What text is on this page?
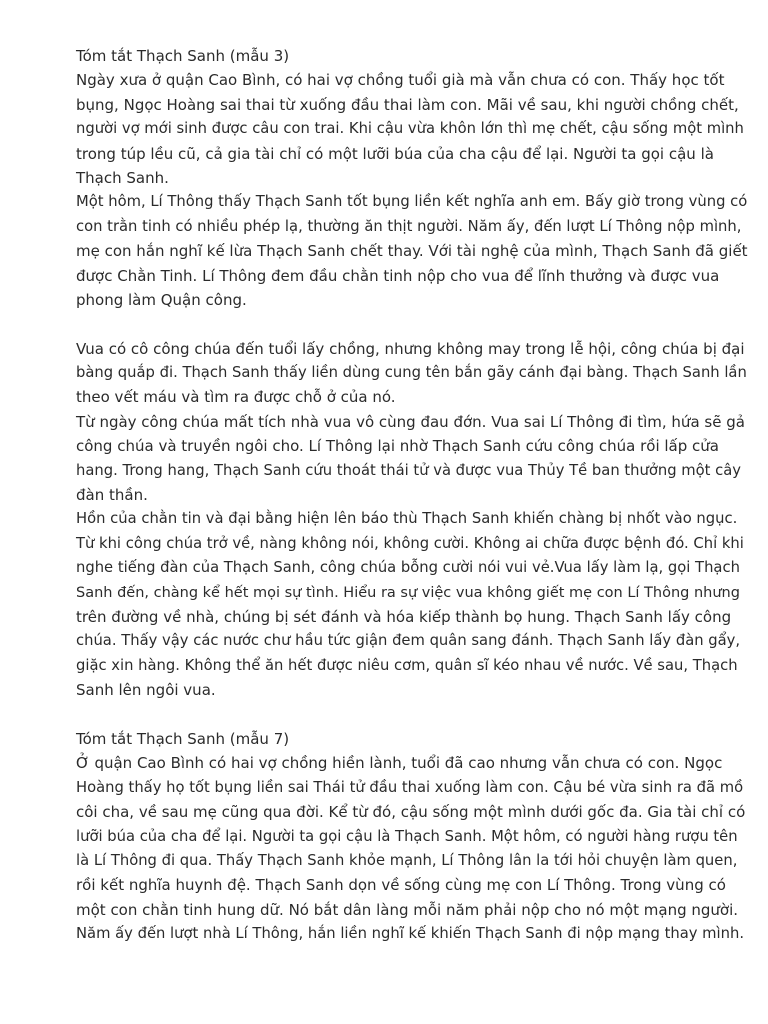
Tóm tắt Thạch Sanh (mẫu 3)
Ngày xưa ở quận Cao Bình, có hai vợ chồng tuổi già mà vẫn chưa có con. Thấy học tốt
bụng, Ngọc Hoàng sai thai từ xuống đầu thai làm con. Mãi về sau, khi người chồng chết,
người vợ mới sinh được câu con trai. Khi cậu vừa khôn lớn thì mẹ chết, cậu sống một mình
trong túp lều cũ, cả gia tài chỉ có một lưỡi búa của cha cậu để lại. Người ta gọi cậu là
Thạch Sanh.
Một hôm, Lí Thông thấy Thạch Sanh tốt bụng liền kết nghĩa anh em. Bấy giờ trong vùng có
con trằn tinh có nhiều phép lạ, thường ăn thịt người. Năm ấy, đến lượt Lí Thông nộp mình,
mẹ con hắn nghĩ kế lừa Thạch Sanh chết thay. Với tài nghệ của mình, Thạch Sanh đã giết
được Chằn Tinh. Lí Thông đem đầu chằn tinh nộp cho vua để lĩnh thưởng và được vua
phong làm Quận công.
Vua có cô công chúa đến tuổi lấy chồng, nhưng không may trong lễ hội, công chúa bị đại
bàng quắp đi. Thạch Sanh thấy liền dùng cung tên bắn gãy cánh đại bàng. Thạch Sanh lần
theo vết máu và tìm ra được chỗ ở của nó.
Từ ngày công chúa mất tích nhà vua vô cùng đau đớn. Vua sai Lí Thông đi tìm, hứa sẽ gả
công chúa và truyền ngôi cho. Lí Thông lại nhờ Thạch Sanh cứu công chúa rồi lấp cửa
hang. Trong hang, Thạch Sanh cứu thoát thái tử và được vua Thủy Tề ban thưởng một cây
đàn thần.
Hồn của chằn tin và đại bằng hiện lên báo thù Thạch Sanh khiến chàng bị nhốt vào ngục.
Từ khi công chúa trở về, nàng không nói, không cười. Không ai chữa được bệnh đó. Chỉ khi
nghe tiếng đàn của Thạch Sanh, công chúa bỗng cười nói vui vẻ.Vua lấy làm lạ, gọi Thạch
Sanh đến, chàng kể hết mọi sự tình. Hiểu ra sự việc vua không giết mẹ con Lí Thông nhưng
trên đường về nhà, chúng bị sét đánh và hóa kiếp thành bọ hung. Thạch Sanh lấy công
chúa. Thấy vậy các nước chư hầu tức giận đem quân sang đánh. Thạch Sanh lấy đàn gẩy,
giặc xin hàng. Không thể ăn hết được niêu cơm, quân sĩ kéo nhau về nước. Về sau, Thạch
Sanh lên ngôi vua.
Tóm tắt Thạch Sanh (mẫu 7)
Ở quận Cao Bình có hai vợ chồng hiền lành, tuổi đã cao nhưng vẫn chưa có con. Ngọc
Hoàng thấy họ tốt bụng liền sai Thái tử đầu thai xuống làm con. Cậu bé vừa sinh ra đã mồ
côi cha, về sau mẹ cũng qua đời. Kể từ đó, cậu sống một mình dưới gốc đa. Gia tài chỉ có
lưỡi búa của cha để lại. Người ta gọi cậu là Thạch Sanh. Một hôm, có người hàng rượu tên
là Lí Thông đi qua. Thấy Thạch Sanh khỏe mạnh, Lí Thông lân la tới hỏi chuyện làm quen,
rồi kết nghĩa huynh đệ. Thạch Sanh dọn về sống cùng mẹ con Lí Thông. Trong vùng có
một con chằn tinh hung dữ. Nó bắt dân làng mỗi năm phải nộp cho nó một mạng người.
Năm ấy đến lượt nhà Lí Thông, hắn liền nghĩ kế khiến Thạch Sanh đi nộp mạng thay mình.
